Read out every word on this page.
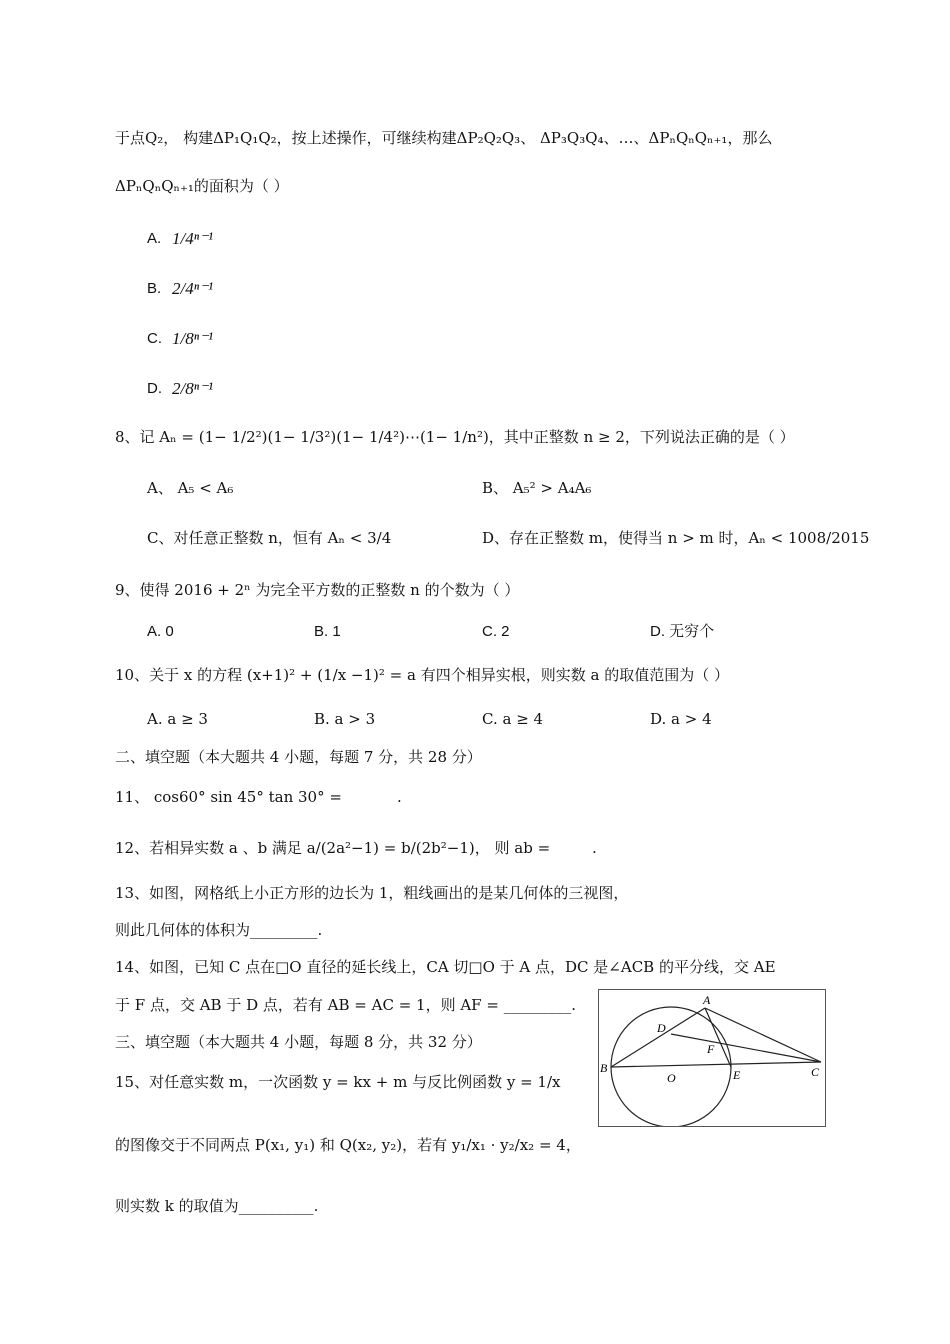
于点Q₂， 构建ΔP₁Q₁Q₂，按上述操作，可继续构建ΔP₂Q₂Q₃、 ΔP₃Q₃Q₄、…、ΔPₙQₙQₙ₊₁，那么
ΔPₙQₙQₙ₊₁的面积为（ ）
A. 1/4ⁿ⁻¹
B. 2/4ⁿ⁻¹
C. 1/8ⁿ⁻¹
D. 2/8ⁿ⁻¹
8、记 Aₙ = (1− 1/2²)(1− 1/3²)(1− 1/4²)⋯(1− 1/n²)，其中正整数 n ≥ 2，下列说法正确的是（ ）
A、 A₅ < A₆	B、 A₅² > A₄A₆
C、对任意正整数 n，恒有 Aₙ < 3/4	D、存在正整数 m，使得当 n > m 时，Aₙ < 1008/2015
9、使得 2016 + 2ⁿ 为完全平方数的正整数 n 的个数为（ ）
A. 0	B. 1	C. 2	D. 无穷个
10、关于 x 的方程 (x+1)² + (1/x −1)² = a 有四个相异实根，则实数 a 的取值范围为（ ）
A. a ≥ 3	B. a > 3	C. a ≥ 4	D. a > 4
二、填空题（本大题共 4 小题，每题 7 分，共 28 分）
11、 cos60° sin 45° tan 30° =	.
12、若相异实数 a 、b 满足 a/(2a²−1) = b/(2b²−1)， 则 ab =	.
13、如图，网格纸上小正方形的边长为 1，粗线画出的是某几何体的三视图，
则此几何体的体积为_________.
14、如图，已知 C 点在□O 直径的延长线上，CA 切□O 于 A 点，DC 是∠ACB 的平分线，交 AE
于 F 点，交 AB 于 D 点，若有 AB = AC = 1，则 AF = _________.
三、填空题（本大题共 4 小题，每题 8 分，共 32 分）
15、对任意实数 m，一次函数 y = kx + m 与反比例函数 y = 1/x
的图像交于不同两点 P(x₁, y₁) 和 Q(x₂, y₂)，若有 y₁/x₁ · y₂/x₂ = 4，
则实数 k 的取值为__________.
A
B	C
D
E
F
O
